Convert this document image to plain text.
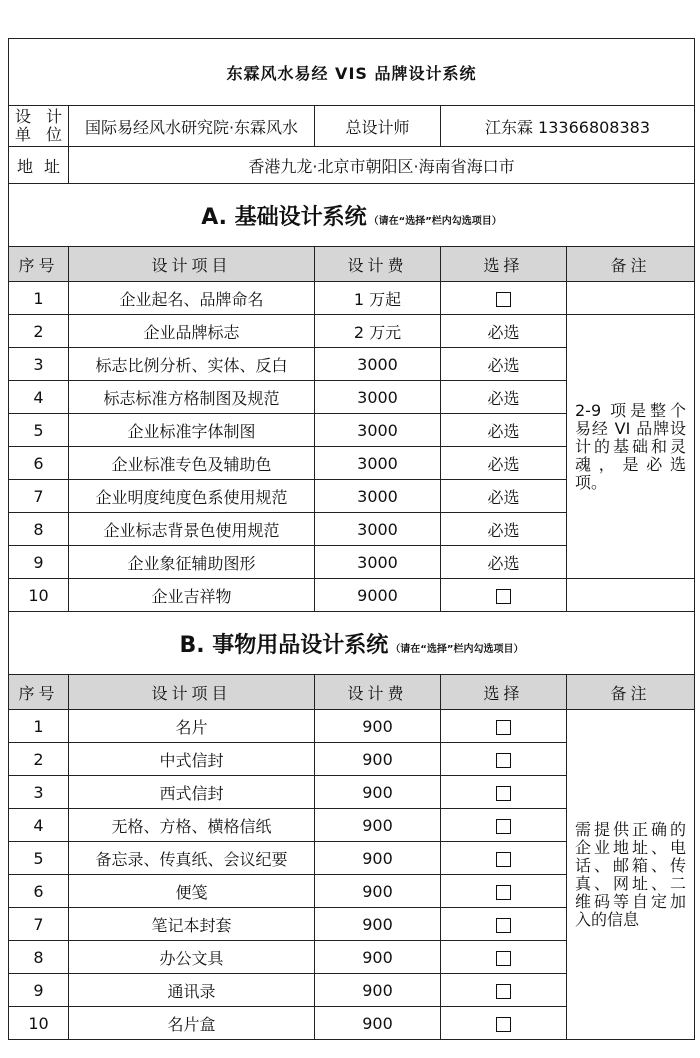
东霖风水易经 VIS 品牌设计系统				

设 计
单 位	国际易经风水研究院·东霖风水	总设计师	江东霖 13366808383	

地 址	香港九龙·北京市朝阳区·海南省海口市			
A. 基础设计系统 （请在“选择”栏内勾选项目）				
序号	设计项目	设计费	选择	备注
1	企业起名、品牌命名	1 万起		
2	企业品牌标志	2 万元	必选	2-9 项是整个易经 VI 品牌设计的基础和灵魂，是必选项。
3	标志比例分析、实体、反白	3000	必选	
4	标志标准方格制图及规范	3000	必选	
5	企业标准字体制图	3000	必选	
6	企业标准专色及辅助色	3000	必选	
7	企业明度纯度色系使用规范	3000	必选	
8	企业标志背景色使用规范	3000	必选	
9	企业象征辅助图形	3000	必选	
10	企业吉祥物	9000		
B. 事物用品设计系统 （请在“选择”栏内勾选项目）				
序号	设计项目	设计费	选择	备注
1	名片	900		需提供正确的企业地址、电话、邮箱、传真、网址、二维码等自定加入的信息
2	中式信封	900		
3	西式信封	900		
4	无格、方格、横格信纸	900		
5	备忘录、传真纸、会议纪要	900		
6	便笺	900		
7	笔记本封套	900		
8	办公文具	900		
9	通讯录	900		
10	名片盒	900		
